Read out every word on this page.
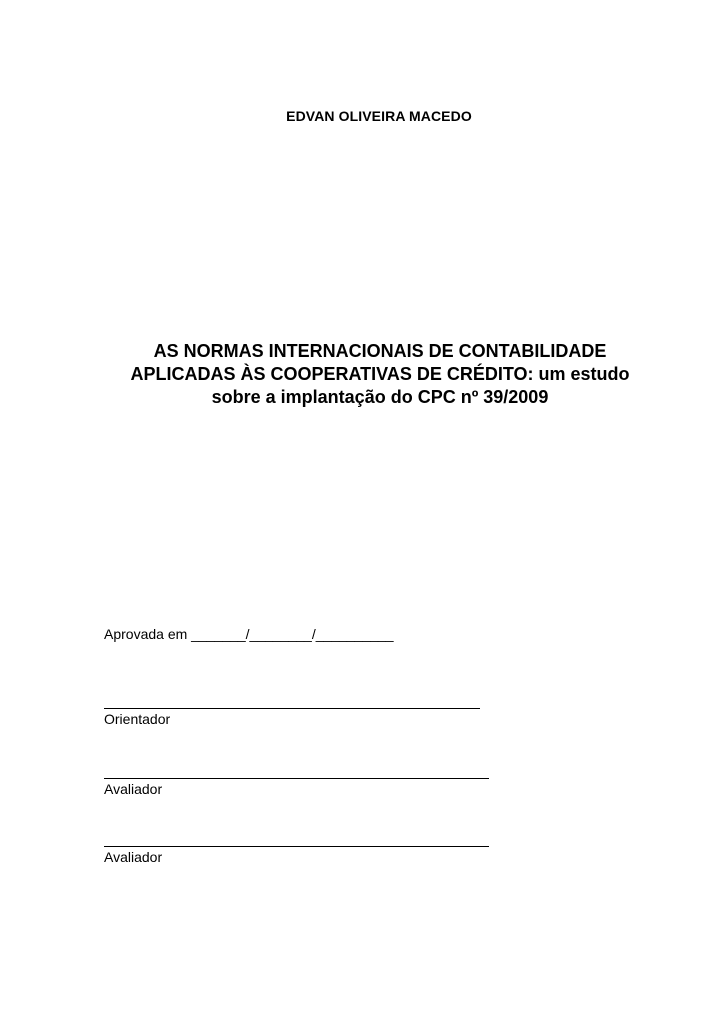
EDVAN OLIVEIRA MACEDO
AS NORMAS INTERNACIONAIS DE CONTABILIDADE
APLICADAS ÀS COOPERATIVAS DE CRÉDITO: um estudo
sobre a implantação do CPC nº 39/2009
Aprovada em _______/________/__________
Orientador
Avaliador
Avaliador
